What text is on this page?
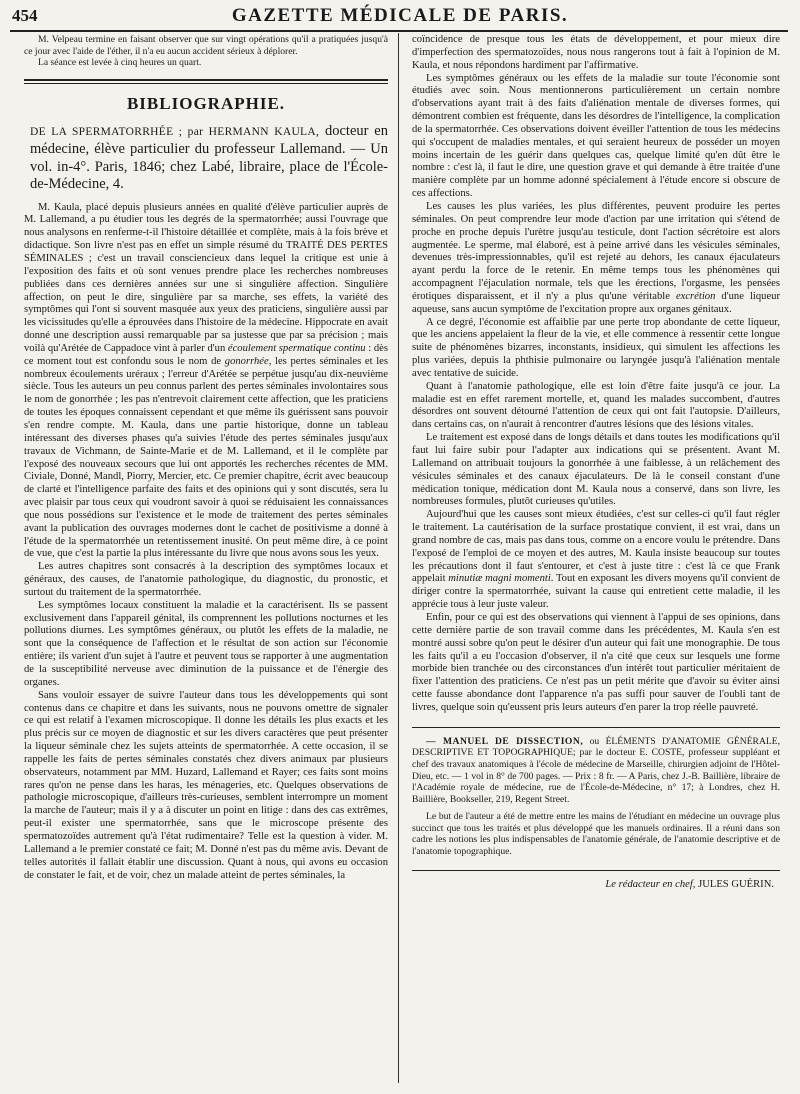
454	GAZETTE MÉDICALE DE PARIS.

M. Velpeau termine en faisant observer que sur vingt opérations qu'il a pratiquées jusqu'à ce jour avec l'aide de l'éther, il n'a eu aucun accident sérieux à déplorer.

La séance est levée à cinq heures un quart.

BIBLIOGRAPHIE.

DE LA SPERMATORRHÉE ; par HERMANN KAULA, docteur en médecine, élève particulier du professeur Lallemand. — Un vol. in-4°. Paris, 1846; chez Labé, libraire, place de l'École-de-Médecine, 4.

M. Kaula, placé depuis plusieurs années en qualité d'élève particulier auprès de M. Lallemand, a pu étudier tous les degrés de la spermatorrhée; aussi l'ouvrage que nous analysons en renferme-t-il l'histoire détaillée et complète, mais à la fois brève et didactique. Son livre n'est pas en effet un simple résumé du TRAITÉ DES PERTES SÉMINALES ; c'est un travail consciencieux dans lequel la critique est unie à l'exposition des faits et où sont venues prendre place les recherches nombreuses publiées dans ces dernières années sur une si singulière affection. Singulière affection, on peut le dire, singulière par sa marche, ses effets, la variété des symptômes qui l'ont si souvent masquée aux yeux des praticiens, singulière aussi par les vicissitudes qu'elle a éprouvées dans l'histoire de la médecine. Hippocrate en avait donné une description aussi remarquable par sa justesse que par sa précision ; mais voilà qu'Arétée de Cappadoce vint à parler d'un écoulement spermatique continu : dès ce moment tout est confondu sous le nom de gonorrhée, les pertes séminales et les nombreux écoulements uréraux ; l'erreur d'Arétée se perpétue jusqu'au dix-neuvième siècle. Tous les auteurs un peu connus parlent des pertes séminales involontaires sous le nom de gonorrhée ; les pas n'entrevoit clairement cette affection, que les praticiens de toutes les époques connaissent cependant et que même ils guérissent sans pouvoir s'en rendre compte. M. Kaula, dans une partie historique, donne un tableau intéressant des diverses phases qu'a suivies l'étude des pertes séminales jusqu'aux travaux de Vichmann, de Sainte-Marie et de M. Lallemand, et il le complète par l'exposé des nouveaux secours que lui ont apportés les recherches récentes de MM. Civiale, Donné, Mandl, Piorry, Mercier, etc. Ce premier chapitre, écrit avec beaucoup de clarté et l'intelligence parfaite des faits et des opinions qui y sont discutés, sera lu avec plaisir par tous ceux qui voudront savoir à quoi se réduisaient les connaissances que nous possédions sur l'existence et le mode de traitement des pertes séminales avant la publication des ouvrages modernes dont le cachet de positivisme a donné à l'étude de la spermatorrhée un retentissement inusité. On peut même dire, à ce point de vue, que c'est la partie la plus intéressante du livre que nous avons sous les yeux.

Les autres chapitres sont consacrés à la description des symptômes locaux et généraux, des causes, de l'anatomie pathologique, du diagnostic, du pronostic, et surtout du traitement de la spermatorrhée.

Les symptômes locaux constituent la maladie et la caractérisent. Ils se passent exclusivement dans l'appareil génital, ils comprennent les pollutions nocturnes et les pollutions diurnes. Les symptômes généraux, ou plutôt les effets de la maladie, ne sont que la conséquence de l'affection et le résultat de son action sur l'économie entière; ils varient d'un sujet à l'autre et peuvent tous se rapporter à une augmentation de la susceptibilité nerveuse avec diminution de la puissance et de l'énergie des organes.

Sans vouloir essayer de suivre l'auteur dans tous les développements qui sont contenus dans ce chapitre et dans les suivants, nous ne pouvons omettre de signaler ce qui est relatif à l'examen microscopique. Il donne les détails les plus exacts et les plus précis sur ce moyen de diagnostic et sur les divers caractères que peut présenter la liqueur séminale chez les sujets atteints de spermatorrhée. A cette occasion, il se rappelle les faits de pertes séminales constatés chez divers animaux par plusieurs observateurs, notamment par MM. Huzard, Lallemand et Rayer; ces faits sont moins rares qu'on ne pense dans les haras, les ménageries, etc. Quelques observations de pathologie microscopique, d'ailleurs très-curieuses, semblent interrompre un moment la marche de l'auteur; mais il y a à discuter un point en litige : dans des cas extrêmes, peut-il exister une spermatorrhée, sans que le microscope présente des spermatozoïdes autrement qu'à l'état rudimentaire? Telle est la question à vider. M. Lallemand a le premier constaté ce fait; M. Donné n'est pas du même avis. Devant de telles autorités il fallait établir une discussion. Quant à nous, qui avons eu occasion de constater le fait, et de voir, chez un malade atteint de pertes séminales, la

coïncidence de presque tous les états de développement, et pour mieux dire d'imperfection des spermatozoïdes, nous nous rangerons tout à fait à l'opinion de M. Kaula, et nous répondons hardiment par l'affirmative.

Les symptômes généraux ou les effets de la maladie sur toute l'économie sont étudiés avec soin. Nous mentionnerons particulièrement un certain nombre d'observations ayant trait à des faits d'aliénation mentale de diverses formes, qui démontrent combien est fréquente, dans les désordres de l'intelligence, la complication de la spermatorrhée. Ces observations doivent éveiller l'attention de tous les médecins qui s'occupent de maladies mentales, et qui seraient heureux de posséder un moyen moins incertain de les guérir dans quelques cas, quelque limité qu'en dût être le nombre : c'est là, il faut le dire, une question grave et qui demande à être traitée d'une manière complète par un homme adonné spécialement à l'étude encore si obscure de ces affections.

Les causes les plus variées, les plus différentes, peuvent produire les pertes séminales. On peut comprendre leur mode d'action par une irritation qui s'étend de proche en proche depuis l'urètre jusqu'au testicule, dont l'action sécrétoire est alors augmentée. Le sperme, mal élaboré, est à peine arrivé dans les vésicules séminales, devenues très-impressionnables, qu'il est rejeté au dehors, les canaux éjaculateurs ayant perdu la force de le retenir. En même temps tous les phénomènes qui accompagnent l'éjaculation normale, tels que les érections, l'orgasme, les pensées érotiques disparaissent, et il n'y a plus qu'une véritable excrétion d'une liqueur aqueuse, sans aucun symptôme de l'excitation propre aux organes génitaux.

A ce degré, l'économie est affaiblie par une perte trop abondante de cette liqueur, que les anciens appelaient la fleur de la vie, et elle commence à ressentir cette longue suite de phénomènes bizarres, inconstants, insidieux, qui simulent les affections les plus variées, depuis la phthisie pulmonaire ou laryngée jusqu'à l'aliénation mentale avec tentative de suicide.

Quant à l'anatomie pathologique, elle est loin d'être faite jusqu'à ce jour. La maladie est en effet rarement mortelle, et, quand les malades succombent, d'autres désordres ont souvent détourné l'attention de ceux qui ont fait l'autopsie. D'ailleurs, dans certains cas, on n'aurait à rencontrer d'autres lésions que des lésions vitales.

Le traitement est exposé dans de longs détails et dans toutes les modifications qu'il faut lui faire subir pour l'adapter aux indications qui se présentent. Avant M. Lallemand on attribuait toujours la gonorrhée à une faiblesse, à un relâchement des vésicules séminales et des canaux éjaculateurs. De là le conseil constant d'une médication tonique, médication dont M. Kaula nous a conservé, dans son livre, les nombreuses formules, plutôt curieuses qu'utiles.

Aujourd'hui que les causes sont mieux étudiées, c'est sur celles-ci qu'il faut régler le traitement. La cautérisation de la surface prostatique convient, il est vrai, dans un grand nombre de cas, mais pas dans tous, comme on a encore voulu le prétendre. Dans l'exposé de l'emploi de ce moyen et des autres, M. Kaula insiste beaucoup sur toutes les précautions dont il faut s'entourer, et c'est à juste titre : c'est là ce que Frank appelait minutiæ magni momenti. Tout en exposant les divers moyens qu'il convient de diriger contre la spermatorrhée, suivant la cause qui entretient cette maladie, il les apprécie tous à leur juste valeur.

Enfin, pour ce qui est des observations qui viennent à l'appui de ses opinions, dans cette dernière partie de son travail comme dans les précédentes, M. Kaula s'en est montré aussi sobre qu'on peut le désirer d'un auteur qui fait une monographie. De tous les faits qu'il a eu l'occasion d'observer, il n'a cité que ceux sur lesquels une forme morbide bien tranchée ou des circonstances d'un intérêt tout particulier méritaient de fixer l'attention des praticiens. Ce n'est pas un petit mérite que d'avoir su éviter ainsi cette fausse abondance dont l'apparence n'a pas suffi pour sauver de l'oubli tant de livres, quelque soin qu'eussent pris leurs auteurs d'en parer la trop réelle pauvreté.

— MANUEL DE DISSECTION, ou ÉLÉMENTS D'ANATOMIE GÉNÉRALE, DESCRIPTIVE ET TOPOGRAPHIQUE; par le docteur E. COSTE, professeur suppléant et chef des travaux anatomiques à l'école de médecine de Marseille, chirurgien adjoint de l'Hôtel-Dieu, etc. — 1 vol in 8° de 700 pages. — Prix : 8 fr. — A Paris, chez J.-B. Baillière, libraire de l'Académie royale de médecine, rue de l'École-de-Médecine, n° 17; à Londres, chez H. Baillière, Bookseller, 219, Regent Street.

Le but de l'auteur a été de mettre entre les mains de l'étudiant en médecine un ouvrage plus succinct que tous les traités et plus développé que les manuels ordinaires. Il a réuni dans son cadre les notions les plus indispensables de l'anatomie générale, de l'anatomie descriptive et de l'anatomie topographique.

Le rédacteur en chef, JULES GUÉRIN.
